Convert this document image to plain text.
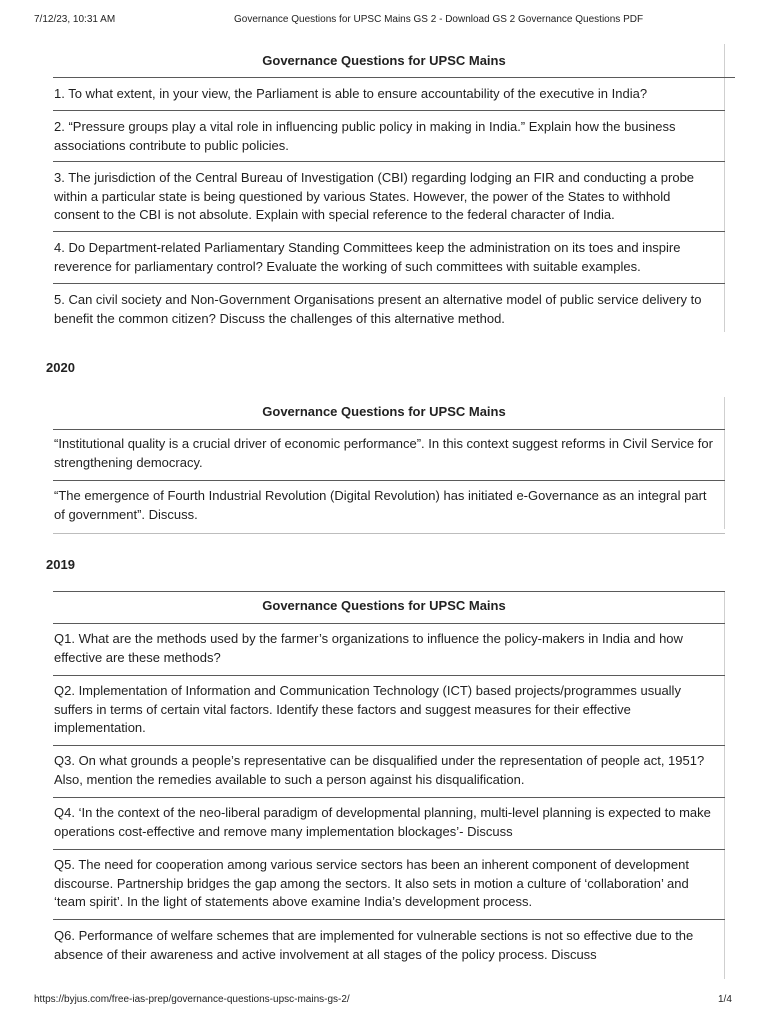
7/12/23, 10:31 AM	Governance Questions for UPSC Mains GS 2 - Download GS 2 Governance Questions PDF
Governance Questions for UPSC Mains
1. To what extent, in your view, the Parliament is able to ensure accountability of the executive in India?
2. “Pressure groups play a vital role in influencing public policy in making in India.” Explain how the business associations contribute to public policies.
3. The jurisdiction of the Central Bureau of Investigation (CBI) regarding lodging an FIR and conducting a probe within a particular state is being questioned by various States. However, the power of the States to withhold consent to the CBI is not absolute. Explain with special reference to the federal character of India.
4. Do Department-related Parliamentary Standing Committees keep the administration on its toes and inspire reverence for parliamentary control? Evaluate the working of such committees with suitable examples.
5. Can civil society and Non-Government Organisations present an alternative model of public service delivery to benefit the common citizen? Discuss the challenges of this alternative method.
2020
Governance Questions for UPSC Mains
“Institutional quality is a crucial driver of economic performance”. In this context suggest reforms in Civil Service for strengthening democracy.
“The emergence of Fourth Industrial Revolution (Digital Revolution) has initiated e-Governance as an integral part of government”. Discuss.
2019
Governance Questions for UPSC Mains
Q1. What are the methods used by the farmer’s organizations to influence the policy-makers in India and how effective are these methods?
Q2. Implementation of Information and Communication Technology (ICT) based projects/programmes usually suffers in terms of certain vital factors. Identify these factors and suggest measures for their effective implementation.
Q3. On what grounds a people’s representative can be disqualified under the representation of people act, 1951? Also, mention the remedies available to such a person against his disqualification.
Q4. ‘In the context of the neo-liberal paradigm of developmental planning, multi-level planning is expected to make operations cost-effective and remove many implementation blockages’- Discuss
Q5. The need for cooperation among various service sectors has been an inherent component of development discourse. Partnership bridges the gap among the sectors. It also sets in motion a culture of ‘collaboration’ and ‘team spirit’. In the light of statements above examine India’s development process.
Q6. Performance of welfare schemes that are implemented for vulnerable sections is not so effective due to the absence of their awareness and active involvement at all stages of the policy process. Discuss
https://byjus.com/free-ias-prep/governance-questions-upsc-mains-gs-2/	1/4
